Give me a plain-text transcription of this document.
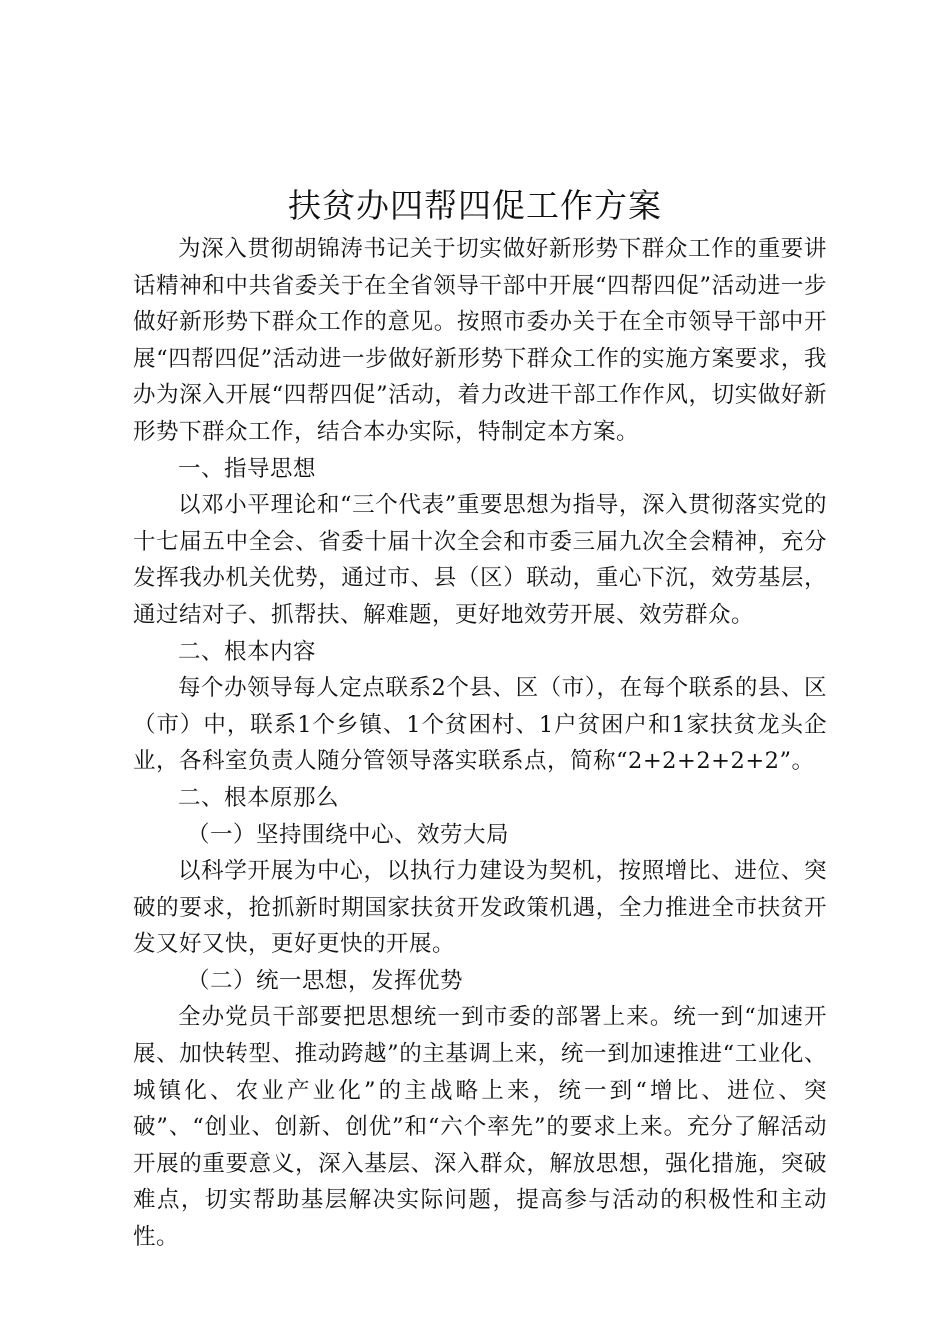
扶贫办四帮四促工作方案

为深入贯彻胡锦涛书记关于切实做好新形势下群众工作的重要讲话精神和中共省委关于在全省领导干部中开展“四帮四促”活动进一步做好新形势下群众工作的意见。按照市委办关于在全市领导干部中开展“四帮四促”活动进一步做好新形势下群众工作的实施方案要求，我办为深入开展“四帮四促”活动，着力改进干部工作作风，切实做好新形势下群众工作，结合本办实际，特制定本方案。

一、指导思想

以邓小平理论和“三个代表”重要思想为指导，深入贯彻落实党的十七届五中全会、省委十届十次全会和市委三届九次全会精神，充分发挥我办机关优势，通过市、县（区）联动，重心下沉，效劳基层，通过结对子、抓帮扶、解难题，更好地效劳开展、效劳群众。

二、根本内容

每个办领导每人定点联系2个县、区（市），在每个联系的县、区（市）中，联系1个乡镇、1个贫困村、1户贫困户和1家扶贫龙头企业，各科室负责人随分管领导落实联系点，简称“2+2+2+2+2”。

二、根本原那么

（一）坚持围绕中心、效劳大局

以科学开展为中心，以执行力建设为契机，按照增比、进位、突破的要求，抢抓新时期国家扶贫开发政策机遇，全力推进全市扶贫开发又好又快，更好更快的开展。

（二）统一思想，发挥优势

全办党员干部要把思想统一到市委的部署上来。统一到“加速开展、加快转型、推动跨越”的主基调上来，统一到加速推进“工业化、城镇化、农业产业化”的主战略上来，统一到“增比、进位、突破”、“创业、创新、创优”和“六个率先”的要求上来。充分了解活动开展的重要意义，深入基层、深入群众，解放思想，强化措施，突破难点，切实帮助基层解决实际问题，提高参与活动的积极性和主动性。
